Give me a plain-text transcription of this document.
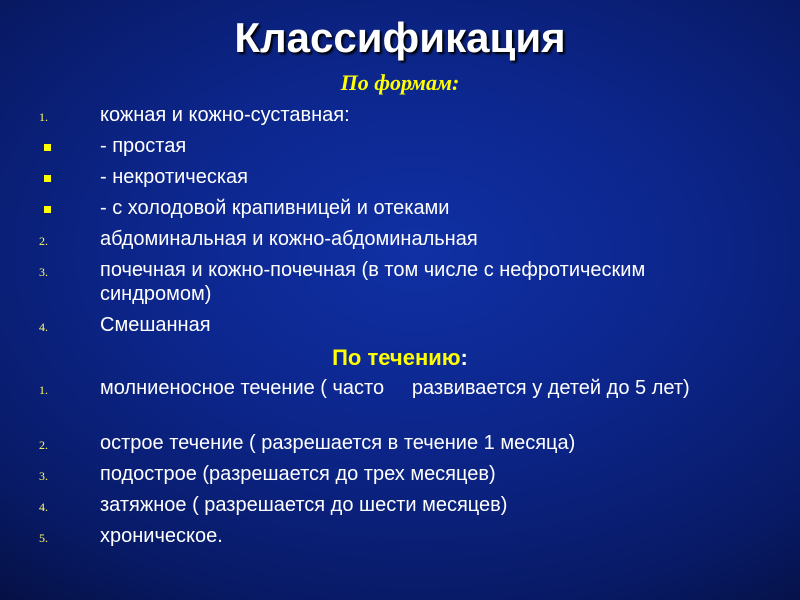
Классификация
По формам:
1.	кожная и кожно-суставная:
- простая
- некротическая
- с холодовой крапивницей и отеками
2.	абдоминальная и кожно-абдоминальная
3.	почечная и кожно-почечная (в том числе с нефротическим синдромом)
4.	Смешанная
По течению:
1.	молниеносное течение ( часто     развивается у детей до 5 лет)
2.	острое течение ( разрешается в течение 1 месяца)
3.	подострое (разрешается до трех месяцев)
4.	затяжное ( разрешается до шести месяцев)
5.	хроническое.
